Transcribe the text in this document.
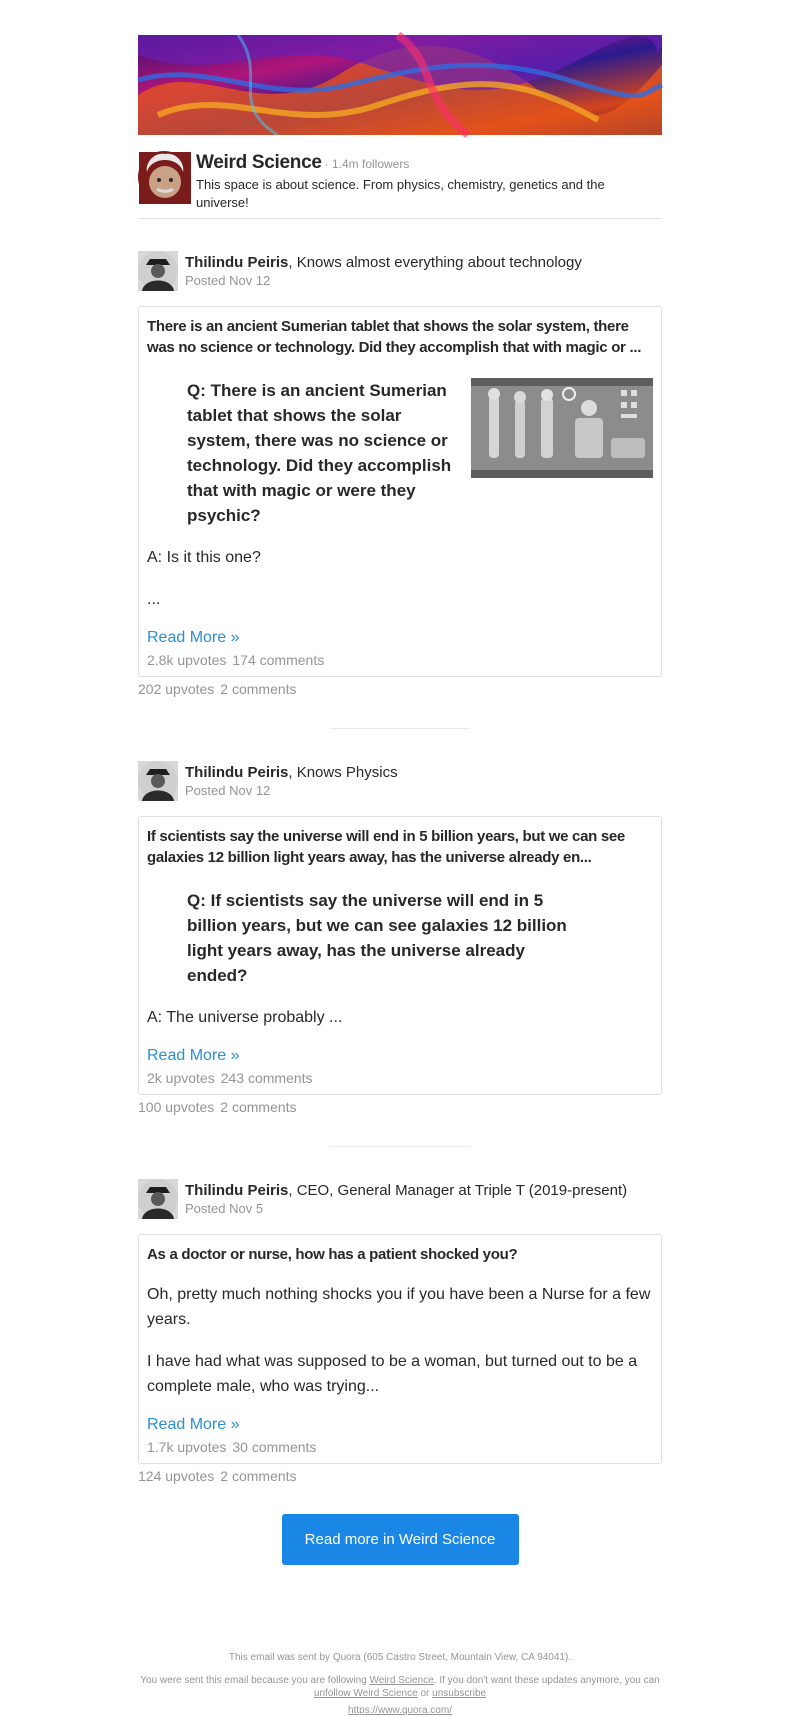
Weird Science · 1.4m followers
This space is about science. From physics, chemistry, genetics and the universe!
Thilindu Peiris, Knows almost everything about technology
Posted Nov 12
There is an ancient Sumerian tablet that shows the solar system, there was no science or technology. Did they accomplish that with magic or ...
Q: There is an ancient Sumerian tablet that shows the solar system, there was no science or technology. Did they accomplish that with magic or were they psychic?
A: Is it this one?
...
Read More »
2.8k upvotes 174 comments
202 upvotes 2 comments
Thilindu Peiris, Knows Physics
Posted Nov 12
If scientists say the universe will end in 5 billion years, but we can see galaxies 12 billion light years away, has the universe already en...
Q: If scientists say the universe will end in 5 billion years, but we can see galaxies 12 billion light years away, has the universe already ended?
A: The universe probably ...
Read More »
2k upvotes 243 comments
100 upvotes 2 comments
Thilindu Peiris, CEO, General Manager at Triple T (2019-present)
Posted Nov 5
As a doctor or nurse, how has a patient shocked you?
Oh, pretty much nothing shocks you if you have been a Nurse for a few years.
I have had what was supposed to be a woman, but turned out to be a complete male, who was trying...
Read More »
1.7k upvotes 30 comments
124 upvotes 2 comments
Read more in Weird Science
This email was sent by Quora (605 Castro Street, Mountain View, CA 94041).
You were sent this email because you are following Weird Science. If you don't want these updates anymore, you can unfollow Weird Science or unsubscribe
https://www.quora.com/
